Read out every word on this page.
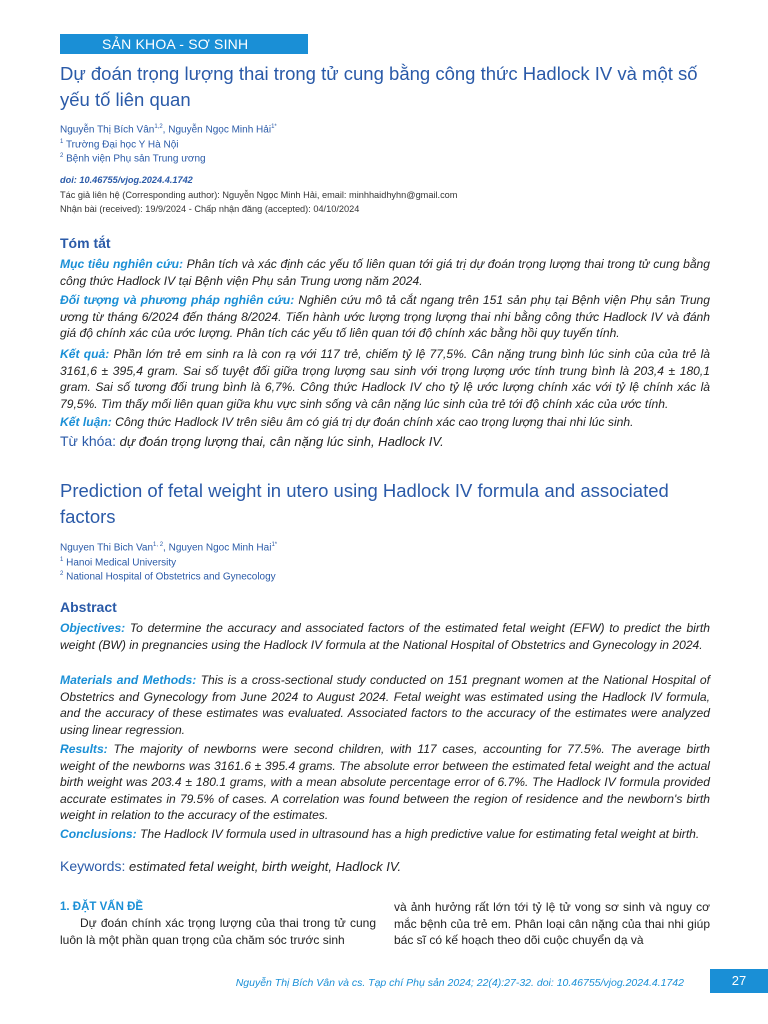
SẢN KHOA - SƠ SINH
Dự đoán trọng lượng thai trong tử cung bằng công thức Hadlock IV và một số yếu tố liên quan
Nguyễn Thị Bích Vân$^{1,2}$, Nguyễn Ngọc Minh Hải$^{1*}$
$^1$ Trường Đại học Y Hà Nội
$^2$ Bệnh viện Phụ sản Trung ương
doi: 10.46755/vjog.2024.4.1742
Tác giả liên hệ (Corresponding author): Nguyễn Ngọc Minh Hải, email: minhhaidhyhn@gmail.com
Nhận bài (received): 19/9/2024 - Chấp nhận đăng (accepted): 04/10/2024
Tóm tắt
Mục tiêu nghiên cứu: Phân tích và xác định các yếu tố liên quan tới giá trị dự đoán trọng lượng thai trong tử cung bằng công thức Hadlock IV tại Bệnh viện Phụ sản Trung ương năm 2024.
Đối tượng và phương pháp nghiên cứu: Nghiên cứu mô tả cắt ngang trên 151 sản phụ tại Bệnh viện Phụ sản Trung ương từ tháng 6/2024 đến tháng 8/2024. Tiến hành ước lượng trọng lượng thai nhi bằng công thức Hadlock IV và đánh giá độ chính xác của ước lượng. Phân tích các yếu tố liên quan tới độ chính xác bằng hồi quy tuyến tính.
Kết quả: Phần lớn trẻ em sinh ra là con rạ với 117 trẻ, chiếm tỷ lệ 77,5%. Cân nặng trung bình lúc sinh của của trẻ là 3161,6 ± 395,4 gram. Sai số tuyệt đối giữa trọng lượng sau sinh với trọng lượng ước tính trung bình là 203,4 ± 180,1 gram. Sai số tương đối trung bình là 6,7%. Công thức Hadlock IV cho tỷ lệ ước lượng chính xác với tỷ lệ chính xác là 79,5%. Tìm thấy mối liên quan giữa khu vực sinh sống và cân nặng lúc sinh của trẻ tới độ chính xác của ước tính.
Kết luận: Công thức Hadlock IV trên siêu âm có giá trị dự đoán chính xác cao trọng lượng thai nhi lúc sinh.
Từ khóa: dự đoán trọng lượng thai, cân nặng lúc sinh, Hadlock IV.
Prediction of fetal weight in utero using Hadlock IV formula and associated factors
Nguyen Thi Bich Van$^{1, 2}$, Nguyen Ngoc Minh Hai$^{1*}$
$^1$ Hanoi Medical University
$^2$ National Hospital of Obstetrics and Gynecology
Abstract
Objectives: To determine the accuracy and associated factors of the estimated fetal weight (EFW) to predict the birth weight (BW) in pregnancies using the Hadlock IV formula at the National Hospital of Obstetrics and Gynecology in 2024.
Materials and Methods: This is a cross-sectional study conducted on 151 pregnant women at the National Hospital of Obstetrics and Gynecology from June 2024 to August 2024. Fetal weight was estimated using the Hadlock IV formula, and the accuracy of these estimates was evaluated. Associated factors to the accuracy of the estimates were analyzed using linear regression.
Results: The majority of newborns were second children, with 117 cases, accounting for 77.5%. The average birth weight of the newborns was 3161.6 ± 395.4 grams. The absolute error between the estimated fetal weight and the actual birth weight was 203.4 ± 180.1 grams, with a mean absolute percentage error of 6.7%. The Hadlock IV formula provided accurate estimates in 79.5% of cases. A correlation was found between the region of residence and the newborn's birth weight in relation to the accuracy of the estimates.
Conclusions: The Hadlock IV formula used in ultrasound has a high predictive value for estimating fetal weight at birth.
Keywords: estimated fetal weight, birth weight, Hadlock IV.
1. ĐẶT VẤN ĐỀ
Dự đoán chính xác trọng lượng của thai trong tử cung luôn là một phần quan trọng của chăm sóc trước sinh
và ảnh hưởng rất lớn tới tỷ lệ tử vong sơ sinh và nguy cơ mắc bệnh của trẻ em. Phân loại cân nặng của thai nhi giúp bác sĩ có kế hoạch theo dõi cuộc chuyển dạ và
Nguyễn Thị Bích Vân và cs. Tạp chí Phụ sản 2024; 22(4):27-32. doi: 10.46755/vjog.2024.4.1742	27
